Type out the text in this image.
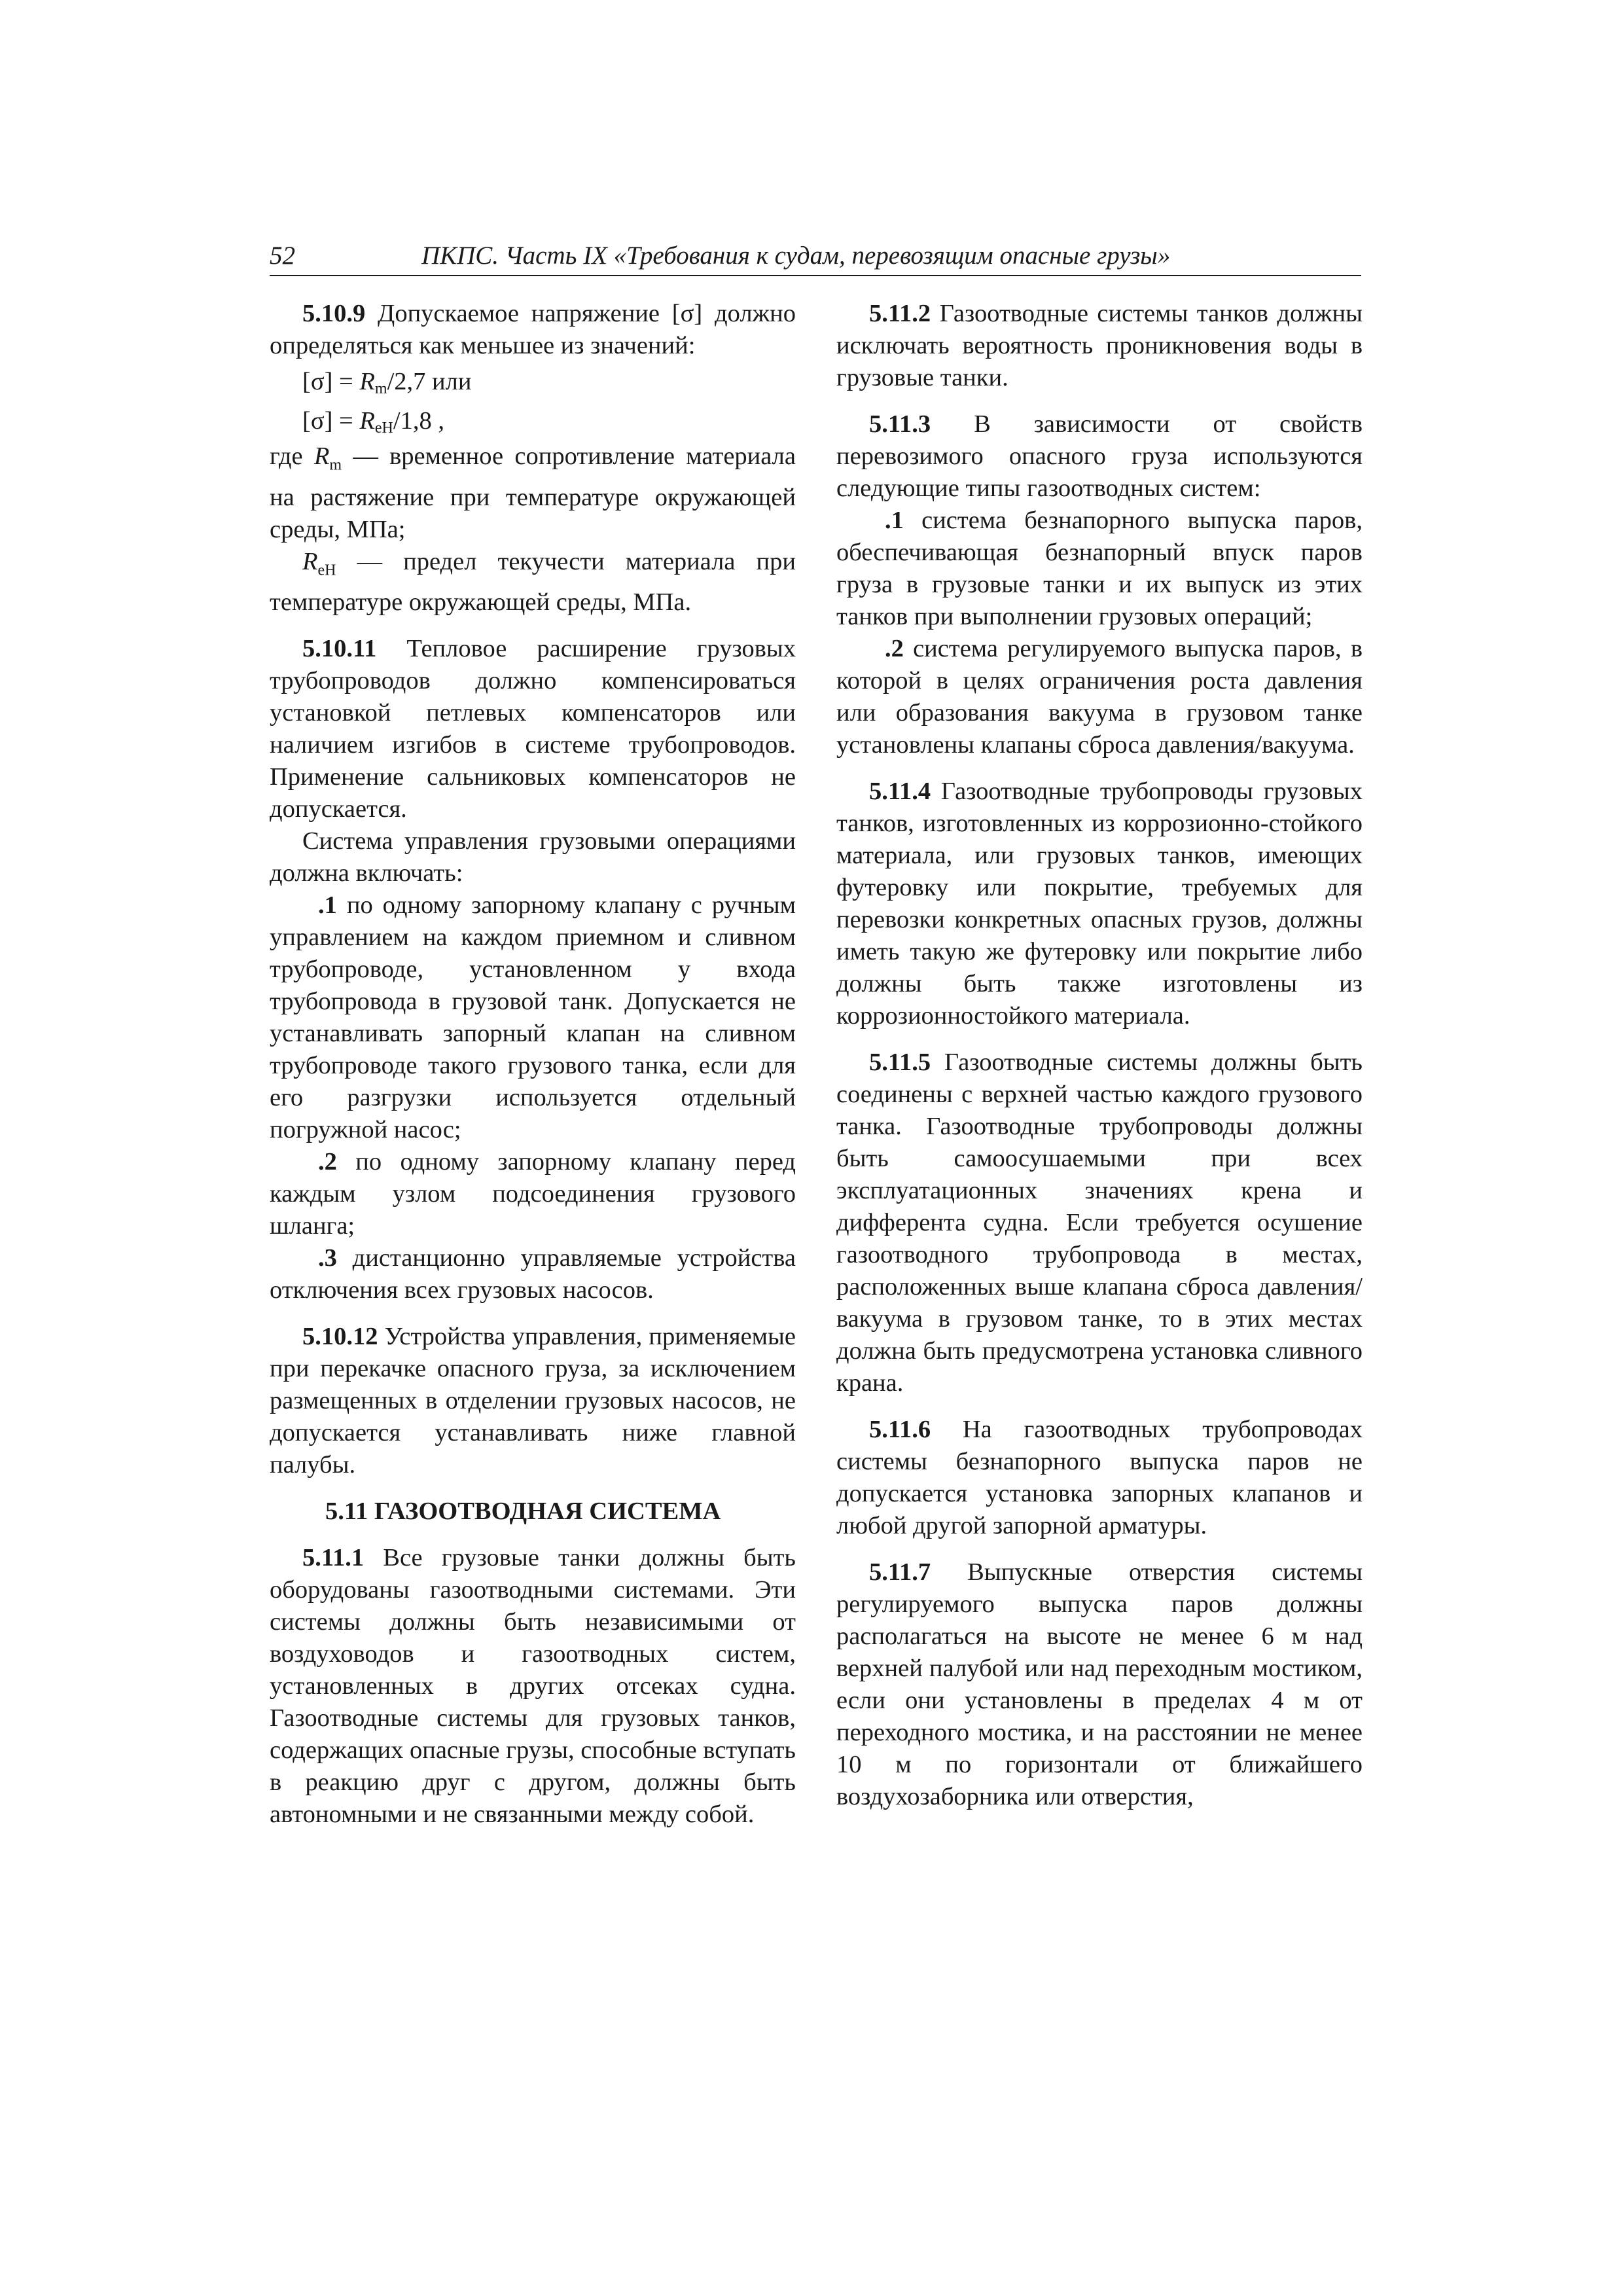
52	ПКПС. Часть IX «Требования к судам, перевозящим опасные грузы»

5.10.9 Допускаемое напряжение [σ] должно определяться как меньшее из значений:

$[\sigma] = R_m/2,7$ или
$[\sigma] = R_{eH}/1,8$ ,

где $R_m$ — временное сопротивление материала на растяжение при температуре окружающей среды, МПа;

$R_{eH}$ — предел текучести материала при температуре окружающей среды, МПа.

5.10.11 Тепловое расширение грузовых трубопроводов должно компенсироваться установкой петлевых компенсаторов или наличием изгибов в системе трубопроводов. Применение сальниковых компенсаторов не допускается.

Система управления грузовыми операциями должна включать:

.1 по одному запорному клапану с ручным управлением на каждом приемном и сливном трубопроводе, установленном у входа трубопровода в грузовой танк. Допускается не устанавливать запорный клапан на сливном трубопроводе такого грузового танка, если для его разгрузки используется отдельный погружной насос;

.2 по одному запорному клапану перед каждым узлом подсоединения грузового шланга;

.3 дистанционно управляемые устройства отключения всех грузовых насосов.

5.10.12 Устройства управления, применяемые при перекачке опасного груза, за исключением размещенных в отделении грузовых насосов, не допускается устанавливать ниже главной палубы.

5.11 ГАЗООТВОДНАЯ СИСТЕМА

5.11.1 Все грузовые танки должны быть оборудованы газоотводными системами. Эти системы должны быть независимыми от воздуховодов и газоотводных систем, установленных в других отсеках судна. Газоотводные системы для грузовых танков, содержащих опасные грузы, способные вступать в реакцию друг с другом, должны быть автономными и не связанными между собой.

5.11.2 Газоотводные системы танков должны исключать вероятность проникновения воды в грузовые танки.

5.11.3 В зависимости от свойств перевозимого опасного груза используются следующие типы газоотводных систем:

.1 система безнапорного выпуска паров, обеспечивающая безнапорный впуск паров груза в грузовые танки и их выпуск из этих танков при выполнении грузовых операций;

.2 система регулируемого выпуска паров, в которой в целях ограничения роста давления или образования вакуума в грузовом танке установлены клапаны сброса давления/вакуума.

5.11.4 Газоотводные трубопроводы грузовых танков, изготовленных из коррозионно-стойкого материала, или грузовых танков, имеющих футеровку или покрытие, требуемых для перевозки конкретных опасных грузов, должны иметь такую же футеровку или покрытие либо должны быть также изготовлены из коррозионностойкого материала.

5.11.5 Газоотводные системы должны быть соединены с верхней частью каждого грузового танка. Газоотводные трубопроводы должны быть самоосушаемыми при всех эксплуатационных значениях крена и дифферента судна. Если требуется осушение газоотводного трубопровода в местах, расположенных выше клапана сброса давления/вакуума в грузовом танке, то в этих местах должна быть предусмотрена установка сливного крана.

5.11.6 На газоотводных трубопроводах системы безнапорного выпуска паров не допускается установка запорных клапанов и любой другой запорной арматуры.

5.11.7 Выпускные отверстия системы регулируемого выпуска паров должны располагаться на высоте не менее 6 м над верхней палубой или над переходным мостиком, если они установлены в пределах 4 м от переходного мостика, и на расстоянии не менее 10 м по горизонтали от ближайшего воздухозаборника или отверстия,
